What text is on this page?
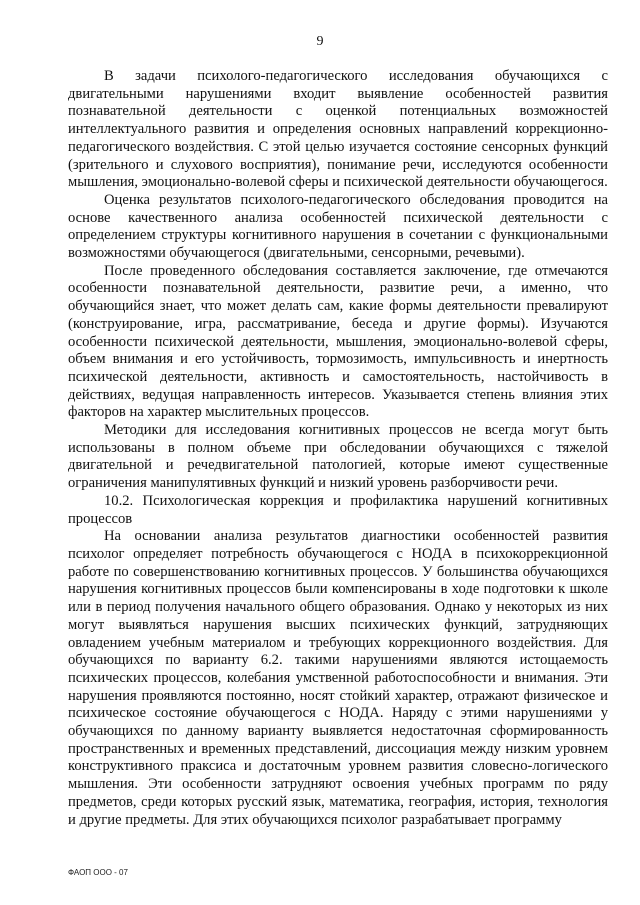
9

В задачи психолого-педагогического исследования обучающихся с двигательными нарушениями входит выявление особенностей развития познавательной деятельности с оценкой потенциальных возможностей интеллектуального развития и определения основных направлений коррекционно-педагогического воздействия. С этой целью изучается состояние сенсорных функций (зрительного и слухового восприятия), понимание речи, исследуются особенности мышления, эмоционально-волевой сферы и психической деятельности обучающегося.

Оценка результатов психолого-педагогического обследования проводится на основе качественного анализа особенностей психической деятельности с определением структуры когнитивного нарушения в сочетании с функциональными возможностями обучающегося (двигательными, сенсорными, речевыми).

После проведенного обследования составляется заключение, где отмечаются особенности познавательной деятельности, развитие речи, а именно, что обучающийся знает, что может делать сам, какие формы деятельности превалируют (конструирование, игра, рассматривание, беседа и другие формы). Изучаются особенности психической деятельности, мышления, эмоционально-волевой сферы, объем внимания и его устойчивость, тормозимость, импульсивность и инертность психической деятельности, активность и самостоятельность, настойчивость в действиях, ведущая направленность интересов. Указывается степень влияния этих факторов на характер мыслительных процессов.

Методики для исследования когнитивных процессов не всегда могут быть использованы в полном объеме при обследовании обучающихся с тяжелой двигательной и речедвигательной патологией, которые имеют существенные ограничения манипулятивных функций и низкий уровень разборчивости речи.

10.2. Психологическая коррекция и профилактика нарушений когнитивных процессов

На основании анализа результатов диагностики особенностей развития психолог определяет потребность обучающегося с НОДА в психокоррекционной работе по совершенствованию когнитивных процессов. У большинства обучающихся нарушения когнитивных процессов были компенсированы в ходе подготовки к школе или в период получения начального общего образования. Однако у некоторых из них могут выявляться нарушения высших психических функций, затрудняющих овладением учебным материалом и требующих коррекционного воздействия. Для обучающихся по варианту 6.2. такими нарушениями являются истощаемость психических процессов, колебания умственной работоспособности и внимания. Эти нарушения проявляются постоянно, носят стойкий характер, отражают физическое и психическое состояние обучающегося с НОДА. Наряду с этими нарушениями у обучающихся по данному варианту выявляется недостаточная сформированность пространственных и временных представлений, диссоциация между низким уровнем конструктивного праксиса и достаточным уровнем развития словесно-логического мышления. Эти особенности затрудняют освоения учебных программ по ряду предметов, среди которых русский язык, математика, география, история, технология и другие предметы. Для этих обучающихся психолог разрабатывает программу

ФАОП ООО - 07
